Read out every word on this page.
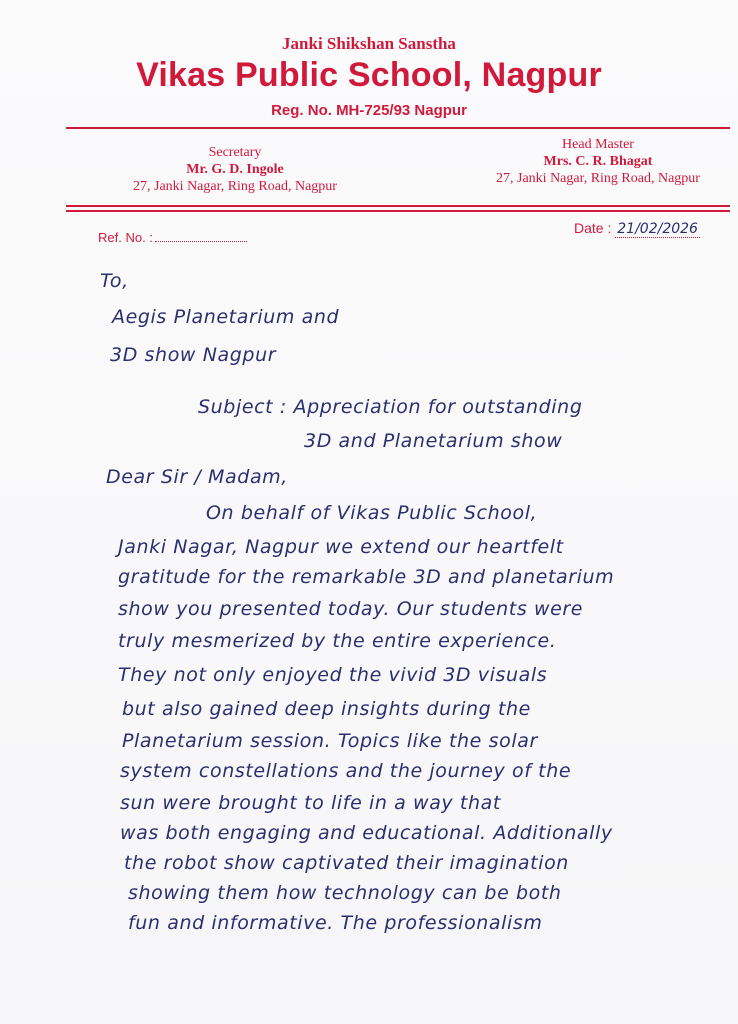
Janki Shikshan Sanstha
Vikas Public School, Nagpur
Reg. No. MH-725/93 Nagpur
Secretary
Mr. G. D. Ingole
27, Janki Nagar, Ring Road, Nagpur
Head Master
Mrs. C. R. Bhagat
27, Janki Nagar, Ring Road, Nagpur
Ref. No. :
Date : 21/02/2026
To,
Aegis Planetarium and
3D show Nagpur
Subject : Appreciation for outstanding
3D and Planetarium show
Dear Sir / Madam,
On behalf of Vikas Public School,
Janki Nagar, Nagpur we extend our heartfelt
gratitude for the remarkable 3D and planetarium
show you presented today. Our students were
truly mesmerized by the entire experience.
They not only enjoyed the vivid 3D visuals
but also gained deep insights during the
Planetarium session. Topics like the solar
system constellations and the journey of the
sun were brought to life in a way that
was both engaging and educational. Additionally
the robot show captivated their imagination
showing them how technology can be both
fun and informative. The professionalism
